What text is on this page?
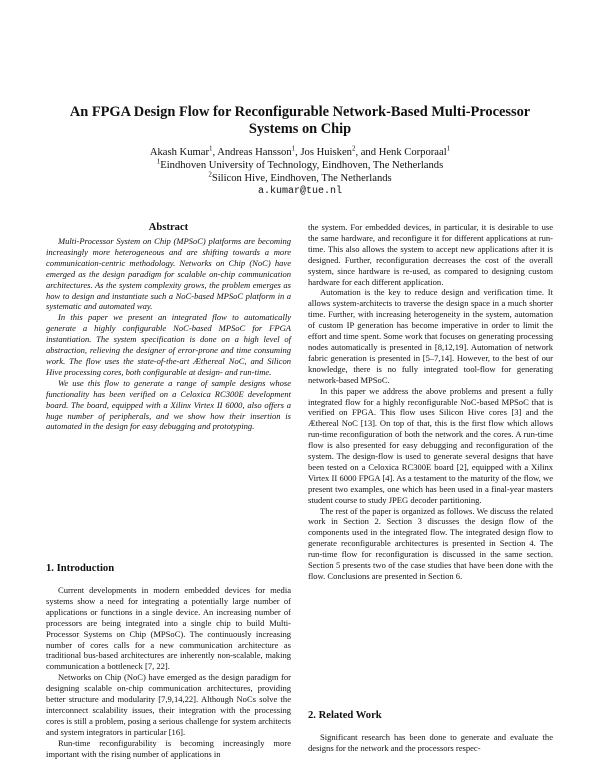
An FPGA Design Flow for Reconfigurable Network-Based Multi-Processor
Systems on Chip
Akash Kumar$^1$, Andreas Hansson$^1$, Jos Huisken$^2$, and Henk Corporaal$^1$
$^1$Eindhoven University of Technology, Eindhoven, The Netherlands
$^2$Silicon Hive, Eindhoven, The Netherlands
a.kumar@tue.nl
Abstract

Multi-Processor System on Chip (MPSoC) platforms are becoming increasingly more heterogeneous and are shifting towards a more communication-centric methodology. Networks on Chip (NoC) have emerged as the design paradigm for scalable on-chip communication architectures. As the system complexity grows, the problem emerges as how to design and instantiate such a NoC-based MPSoC platform in a systematic and automated way.

In this paper we present an integrated flow to automatically generate a highly configurable NoC-based MPSoC for FPGA instantiation. The system specification is done on a high level of abstraction, relieving the designer of error-prone and time consuming work. The flow uses the state-of-the-art Æthereal NoC, and Silicon Hive processing cores, both configurable at design- and run-time.

We use this flow to generate a range of sample designs whose functionality has been verified on a Celoxica RC300E development board. The board, equipped with a Xilinx Virtex II 6000, also offers a huge number of peripherals, and we show how their insertion is automated in the design for easy debugging and prototyping.

1. Introduction

Current developments in modern embedded devices for media systems show a need for integrating a potentially large number of applications or functions in a single device. An increasing number of processors are being integrated into a single chip to build Multi-Processor Systems on Chip (MPSoC). The continuously increasing number of cores calls for a new communication architecture as traditional bus-based architectures are inherently non-scalable, making communication a bottleneck [7, 22].

Networks on Chip (NoC) have emerged as the design paradigm for designing scalable on-chip communication architectures, providing better structure and modularity [7,9,14,22]. Although NoCs solve the interconnect scalability issues, their integration with the processing cores is still a problem, posing a serious challenge for system architects and system integrators in particular [16].

Run-time reconfigurability is becoming increasingly more important with the rising number of applications in

the system. For embedded devices, in particular, it is desirable to use the same hardware, and reconfigure it for different applications at run-time. This also allows the system to accept new applications after it is designed. Further, reconfiguration decreases the cost of the overall system, since hardware is re-used, as compared to designing custom hardware for each different application.

Automation is the key to reduce design and verification time. It allows system-architects to traverse the design space in a much shorter time. Further, with increasing heterogeneity in the system, automation of custom IP generation has become imperative in order to limit the effort and time spent. Some work that focuses on generating processing nodes automatically is presented in [8,12,19]. Automation of network fabric generation is presented in [5–7,14]. However, to the best of our knowledge, there is no fully integrated tool-flow for generating network-based MPSoC.

In this paper we address the above problems and present a fully integrated flow for a highly reconfigurable NoC-based MPSoC that is verified on FPGA. This flow uses Silicon Hive cores [3] and the Æthereal NoC [13]. On top of that, this is the first flow which allows run-time reconfiguration of both the network and the cores. A run-time flow is also presented for easy debugging and reconfiguration of the system. The design-flow is used to generate several designs that have been tested on a Celoxica RC300E board [2], equipped with a Xilinx Virtex II 6000 FPGA [4]. As a testament to the maturity of the flow, we present two examples, one which has been used in a final-year masters student course to study JPEG decoder partitioning.

The rest of the paper is organized as follows. We discuss the related work in Section 2. Section 3 discusses the design flow of the components used in the integrated flow. The integrated design flow to generate reconfigurable architectures is presented in Section 4. The run-time flow for reconfiguration is discussed in the same section. Section 5 presents two of the case studies that have been done with the flow. Conclusions are presented in Section 6.

2. Related Work

Significant research has been done to generate and evaluate the designs for the network and the processors respec-
